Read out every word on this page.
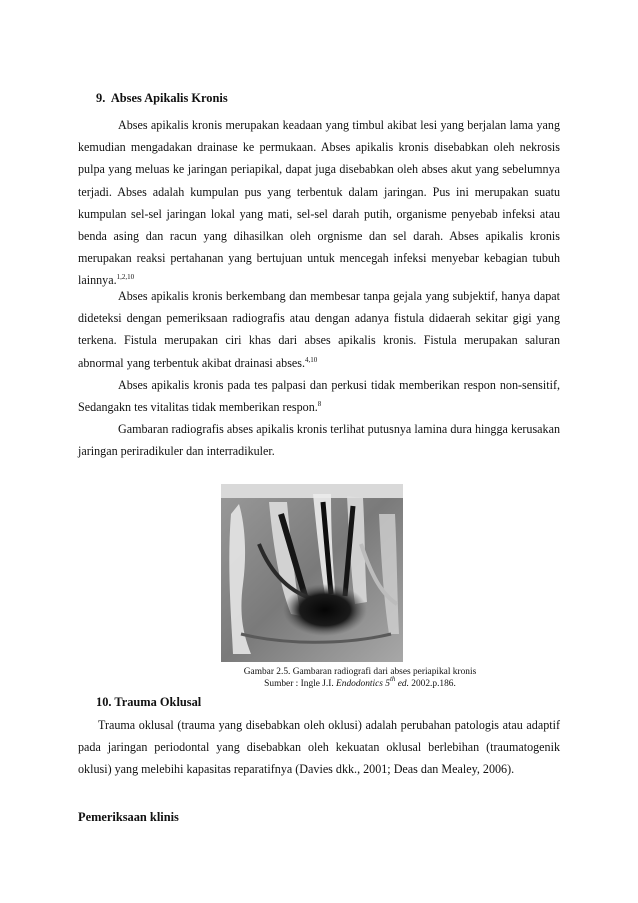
9. Abses Apikalis Kronis

Abses apikalis kronis merupakan keadaan yang timbul akibat lesi yang berjalan lama yang kemudian mengadakan drainase ke permukaan. Abses apikalis kronis disebabkan oleh nekrosis pulpa yang meluas ke jaringan periapikal, dapat juga disebabkan oleh abses akut yang sebelumnya terjadi. Abses adalah kumpulan pus yang terbentuk dalam jaringan. Pus ini merupakan suatu kumpulan sel-sel jaringan lokal yang mati, sel-sel darah putih, organisme penyebab infeksi atau benda asing dan racun yang dihasilkan oleh orgnisme dan sel darah. Abses apikalis kronis merupakan reaksi pertahanan yang bertujuan untuk mencegah infeksi menyebar kebagian tubuh lainnya.$^{1,2,10}$

Abses apikalis kronis berkembang dan membesar tanpa gejala yang subjektif, hanya dapat dideteksi dengan pemeriksaan radiografis atau dengan adanya fistula didaerah sekitar gigi yang terkena. Fistula merupakan ciri khas dari abses apikalis kronis. Fistula merupakan saluran abnormal yang terbentuk akibat drainasi abses.$^{4,10}$

Abses apikalis kronis pada tes palpasi dan perkusi tidak memberikan respon non-sensitif, Sedangakn tes vitalitas tidak memberikan respon.$^8$

Gambaran radiografis abses apikalis kronis terlihat putusnya lamina dura hingga kerusakan jaringan periradikuler dan interradikuler.

Gambar 2.5. Gambaran radiografi dari abses periapikal kronis
Sumber : Ingle J.I. Endodontics 5th ed. 2002.p.186.
10. Trauma Oklusal

Trauma oklusal (trauma yang disebabkan oleh oklusi) adalah perubahan patologis atau adaptif pada jaringan periodontal yang disebabkan oleh kekuatan oklusal berlebihan (traumatogenik oklusi) yang melebihi kapasitas reparatifnya (Davies dkk., 2001; Deas dan Mealey, 2006).

Pemeriksaan klinis
